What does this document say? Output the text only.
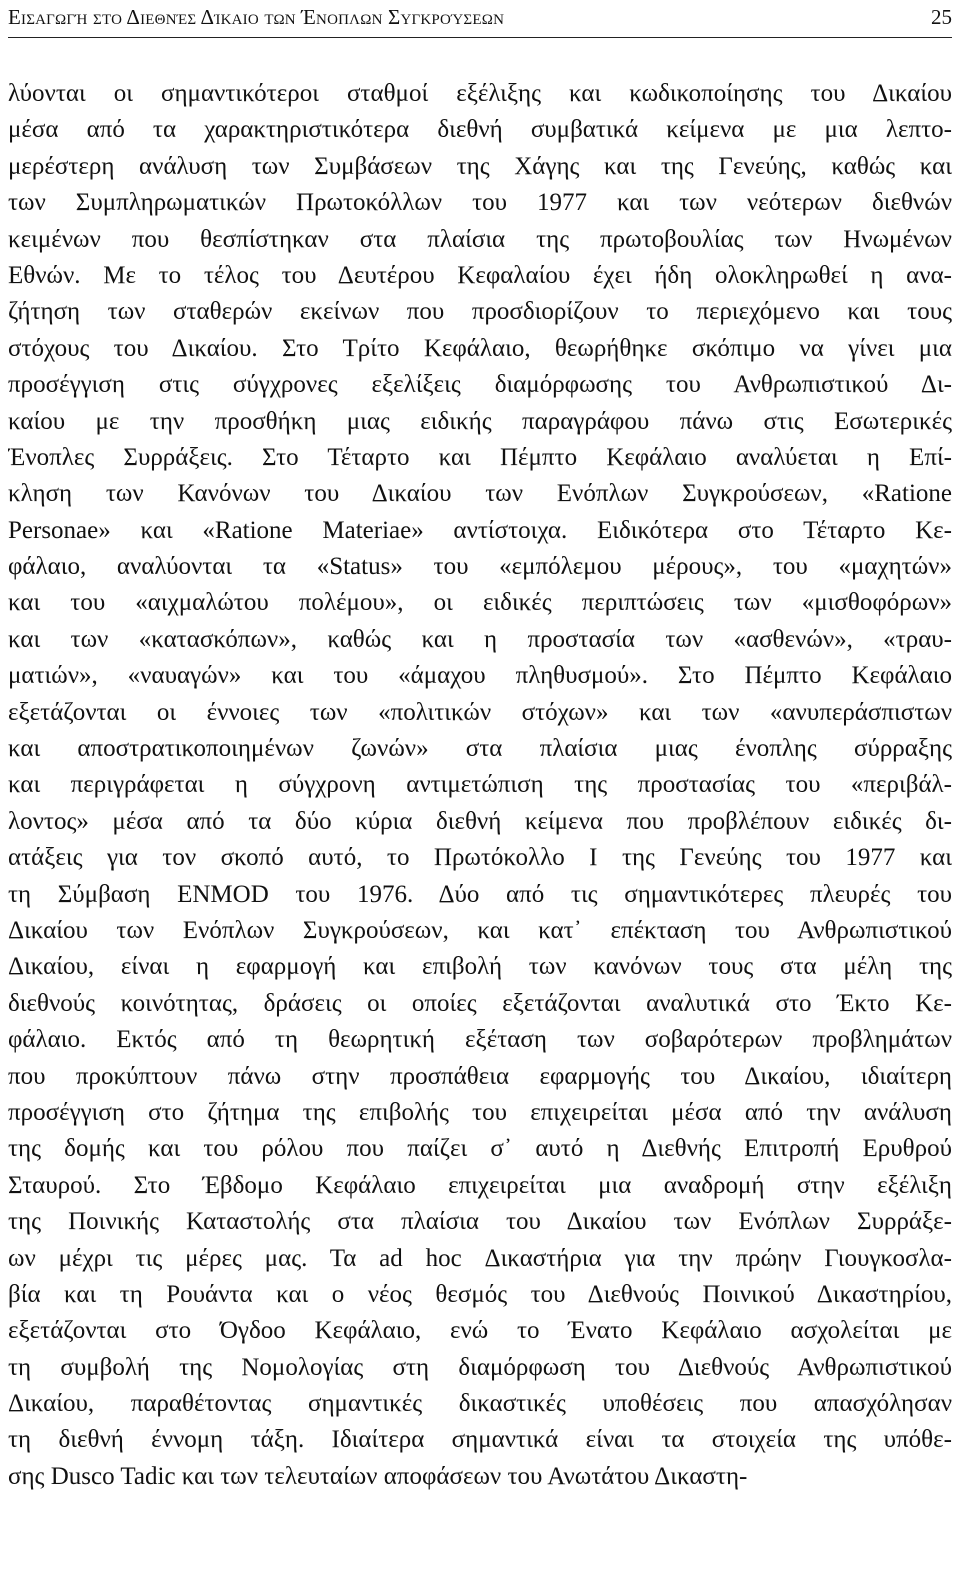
Εισαγωγή στο Διεθνές Δίκαιο των Ένοπλων Συγκρούσεων	25
λύονται οι σημαντικότεροι σταθμοί εξέλιξης και κωδικοποίησης του Δικαίου
μέσα από τα χαρακτηριστικότερα διεθνή συμβατικά κείμενα με μια λεπτο-
μερέστερη ανάλυση των Συμβάσεων της Χάγης και της Γενεύης, καθώς και
των Συμπληρωματικών Πρωτοκόλλων του 1977 και των νεότερων διεθνών
κειμένων που θεσπίστηκαν στα πλαίσια της πρωτοβουλίας των Ηνωμένων
Εθνών. Με το τέλος του Δευτέρου Κεφαλαίου έχει ήδη ολοκληρωθεί η ανα-
ζήτηση των σταθερών εκείνων που προσδιορίζουν το περιεχόμενο και τους
στόχους του Δικαίου. Στο Τρίτο Κεφάλαιο, θεωρήθηκε σκόπιμο να γίνει μια
προσέγγιση στις σύγχρονες εξελίξεις διαμόρφωσης του Ανθρωπιστικού Δι-
καίου με την προσθήκη μιας ειδικής παραγράφου πάνω στις Εσωτερικές
Ένοπλες Συρράξεις. Στο Τέταρτο και Πέμπτο Κεφάλαιο αναλύεται η Επί-
κληση των Κανόνων του Δικαίου των Ενόπλων Συγκρούσεων, «Ratione
Personae» και «Ratione Materiae» αντίστοιχα. Ειδικότερα στο Τέταρτο Κε-
φάλαιο, αναλύονται τα «Status» του «εμπόλεμου μέρους», του «μαχητών»
και του «αιχμαλώτου πολέμου», οι ειδικές περιπτώσεις των «μισθοφόρων»
και των «κατασκόπων», καθώς και η προστασία των «ασθενών», «τραυ-
ματιών», «ναυαγών» και του «άμαχου πληθυσμού». Στο Πέμπτο Κεφάλαιο
εξετάζονται οι έννοιες των «πολιτικών στόχων» και των «ανυπεράσπιστων
και αποστρατικοποιημένων ζωνών» στα πλαίσια μιας ένοπλης σύρραξης
και περιγράφεται η σύγχρονη αντιμετώπιση της προστασίας του «περιβάλ-
λοντος» μέσα από τα δύο κύρια διεθνή κείμενα που προβλέπουν ειδικές δι-
ατάξεις για τον σκοπό αυτό, το Πρωτόκολλο Ι της Γενεύης του 1977 και
τη Σύμβαση ENMOD του 1976. Δύο από τις σημαντικότερες πλευρές του
Δικαίου των Ενόπλων Συγκρούσεων, και κατ᾽ επέκταση του Ανθρωπιστικού
Δικαίου, είναι η εφαρμογή και επιβολή των κανόνων τους στα μέλη της
διεθνούς κοινότητας, δράσεις οι οποίες εξετάζονται αναλυτικά στο Έκτο Κε-
φάλαιο. Εκτός από τη θεωρητική εξέταση των σοβαρότερων προβλημάτων
που προκύπτουν πάνω στην προσπάθεια εφαρμογής του Δικαίου, ιδιαίτερη
προσέγγιση στο ζήτημα της επιβολής του επιχειρείται μέσα από την ανάλυση
της δομής και του ρόλου που παίζει σ᾽ αυτό η Διεθνής Επιτροπή Ερυθρού
Σταυρού. Στο Έβδομο Κεφάλαιο επιχειρείται μια αναδρομή στην εξέλιξη
της Ποινικής Καταστολής στα πλαίσια του Δικαίου των Ενόπλων Συρράξε-
ων μέχρι τις μέρες μας. Τα ad hoc Δικαστήρια για την πρώην Γιουγκοσλα-
βία και τη Ρουάντα και ο νέος θεσμός του Διεθνούς Ποινικού Δικαστηρίου,
εξετάζονται στο Όγδοο Κεφάλαιο, ενώ το Ένατο Κεφάλαιο ασχολείται με
τη συμβολή της Νομολογίας στη διαμόρφωση του Διεθνούς Ανθρωπιστικού
Δικαίου, παραθέτοντας σημαντικές δικαστικές υποθέσεις που απασχόλησαν
τη διεθνή έννομη τάξη. Ιδιαίτερα σημαντικά είναι τα στοιχεία της υπόθε-
σης Dusco Tadic και των τελευταίων αποφάσεων του Ανωτάτου Δικαστη-
